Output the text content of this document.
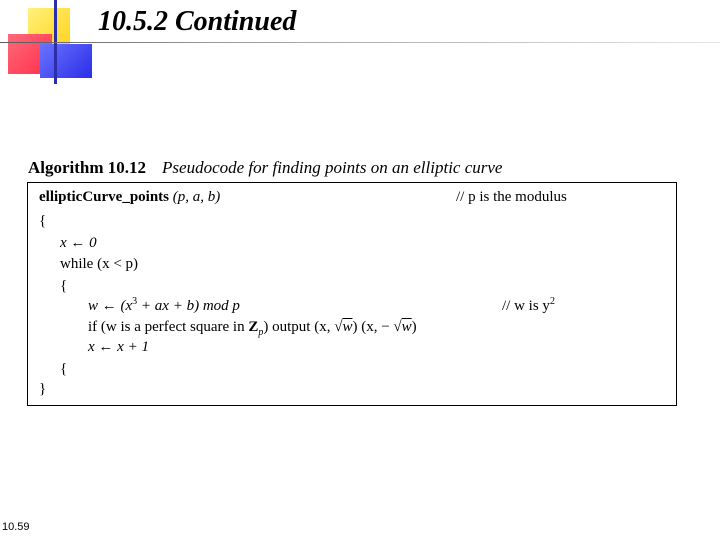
10.5.2 Continued
Algorithm 10.12 Pseudocode for finding points on an elliptic curve
ellipticCurve_points (p, a, b)	// p is the modulus
{
x ← 0
while (x < p)
{
w ← ($x^3$ + ax + b) mod p	// w is $y^2$
if (w is a perfect square in $Z_p$) output (x, √w) (x, − √w)
x ← x + 1
{
}
10.59
